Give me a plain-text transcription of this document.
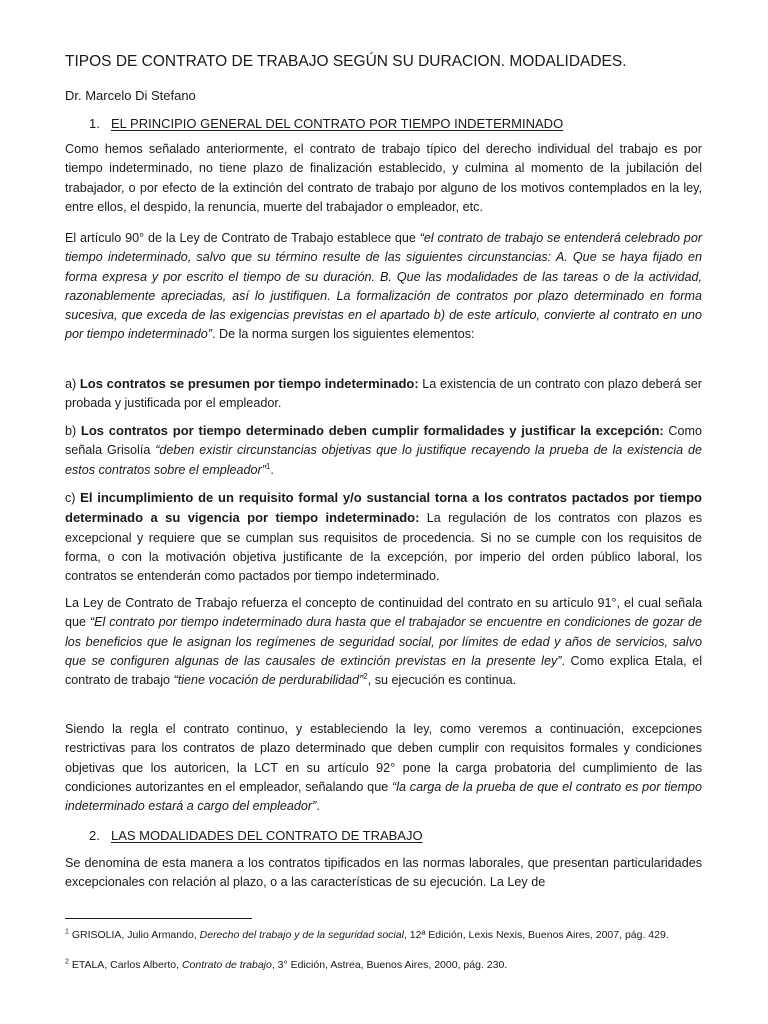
TIPOS DE CONTRATO DE TRABAJO SEGÚN SU DURACION. MODALIDADES.
Dr. Marcelo Di Stefano
1. EL PRINCIPIO GENERAL DEL CONTRATO POR TIEMPO INDETERMINADO

Como hemos señalado anteriormente, el contrato de trabajo típico del derecho individual del trabajo es por tiempo indeterminado, no tiene plazo de finalización establecido, y culmina al momento de la jubilación del trabajador, o por efecto de la extinción del contrato de trabajo por alguno de los motivos contemplados en la ley, entre ellos, el despido, la renuncia, muerte del trabajador o empleador, etc.

El artículo 90° de la Ley de Contrato de Trabajo establece que “el contrato de trabajo se entenderá celebrado por tiempo indeterminado, salvo que su término resulte de las siguientes circunstancias: A. Que se haya fijado en forma expresa y por escrito el tiempo de su duración. B. Que las modalidades de las tareas o de la actividad, razonablemente apreciadas, así lo justifiquen. La formalización de contratos por plazo determinado en forma sucesiva, que exceda de las exigencias previstas en el apartado b) de este artículo, convierte al contrato en uno por tiempo indeterminado”. De la norma surgen los siguientes elementos:

a) Los contratos se presumen por tiempo indeterminado: La existencia de un contrato con plazo deberá ser probada y justificada por el empleador.

b) Los contratos por tiempo determinado deben cumplir formalidades y justificar la excepción: Como señala Grisolía “deben existir circunstancias objetivas que lo justifique recayendo la prueba de la existencia de estos contratos sobre el empleador”$^1$.

c) El incumplimiento de un requisito formal y/o sustancial torna a los contratos pactados por tiempo determinado a su vigencia por tiempo indeterminado: La regulación de los contratos con plazos es excepcional y requiere que se cumplan sus requisitos de procedencia. Si no se cumple con los requisitos de forma, o con la motivación objetiva justificante de la excepción, por imperio del orden público laboral, los contratos se entenderán como pactados por tiempo indeterminado.

La Ley de Contrato de Trabajo refuerza el concepto de continuidad del contrato en su artículo 91°, el cual señala que “El contrato por tiempo indeterminado dura hasta que el trabajador se encuentre en condiciones de gozar de los beneficios que le asignan los regímenes de seguridad social, por límites de edad y años de servicios, salvo que se configuren algunas de las causales de extinción previstas en la presente ley”. Como explica Etala, el contrato de trabajo “tiene vocación de perdurabilidad”$^2$, su ejecución es continua.

Siendo la regla el contrato continuo, y estableciendo la ley, como veremos a continuación, excepciones restrictivas para los contratos de plazo determinado que deben cumplir con requisitos formales y condiciones objetivas que los autoricen, la LCT en su artículo 92° pone la carga probatoria del cumplimiento de las condiciones autorizantes en el empleador, señalando que “la carga de la prueba de que el contrato es por tiempo indeterminado estará a cargo del empleador”.

2. LAS MODALIDADES DEL CONTRATO DE TRABAJO

Se denomina de esta manera a los contratos tipificados en las normas laborales, que presentan particularidades excepcionales con relación al plazo, o a las características de su ejecución. La Ley de

$^1$ GRISOLIA, Julio Armando, Derecho del trabajo y de la seguridad social, 12ª Edición, Lexis Nexis, Buenos Aires, 2007, pág. 429.

$^2$ ETALA, Carlos Alberto, Contrato de trabajo, 3° Edición, Astrea, Buenos Aires, 2000, pág. 230.
